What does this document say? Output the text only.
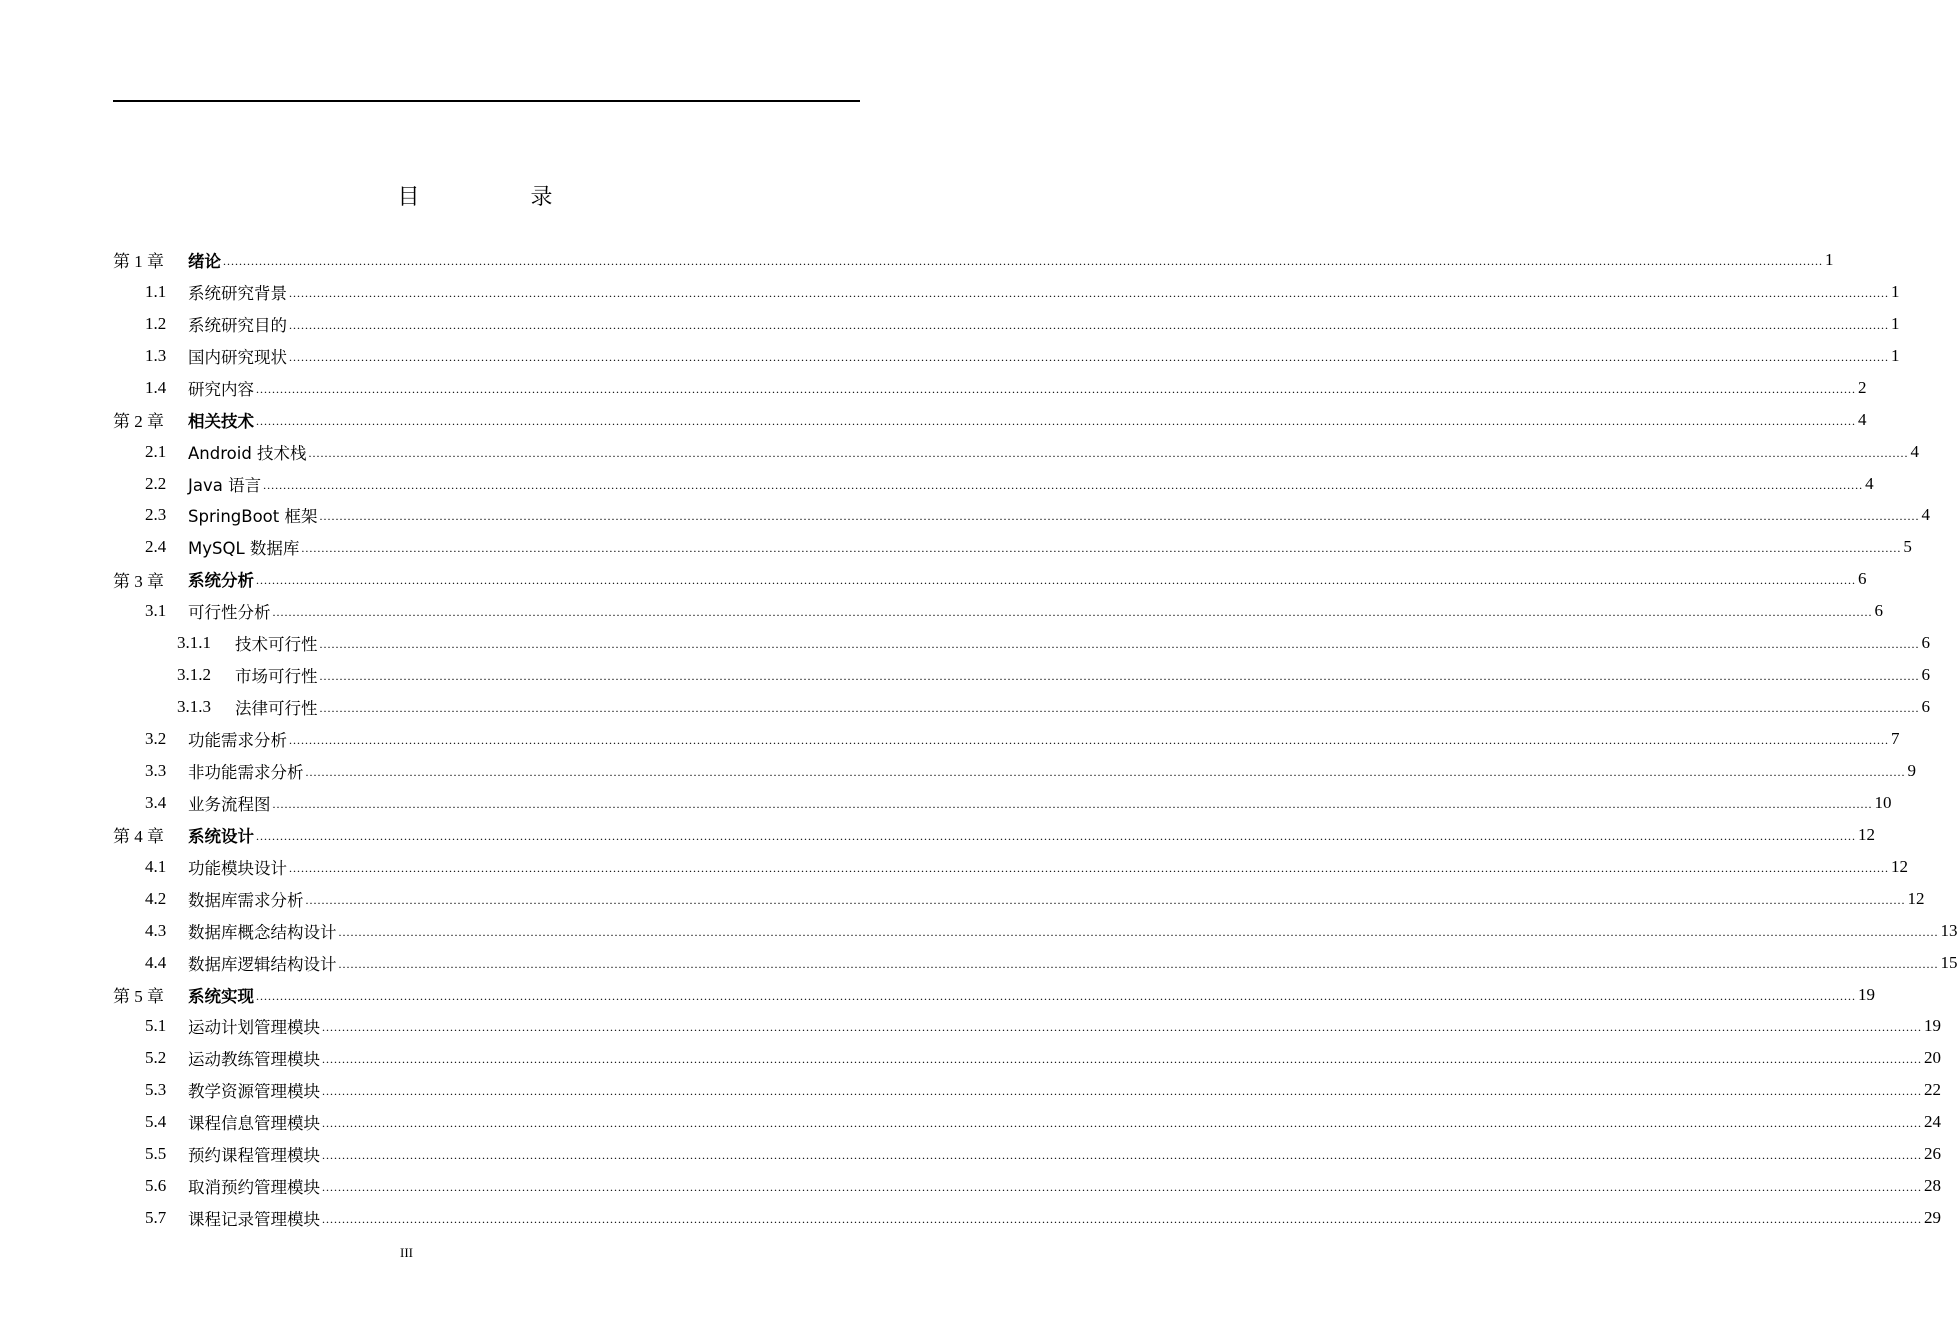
目 录
第 1 章	绪论 ................................................................................................................................................................................................................................................................................................................................................................................................................ 1
1.1	系统研究背景 ................................................................................................................................................................................................................................................................................................................................................................................................................ 1
1.2	系统研究目的 ................................................................................................................................................................................................................................................................................................................................................................................................................ 1
1.3	国内研究现状 ................................................................................................................................................................................................................................................................................................................................................................................................................ 1
1.4	研究内容 ................................................................................................................................................................................................................................................................................................................................................................................................................ 2
第 2 章	相关技术 ................................................................................................................................................................................................................................................................................................................................................................................................................ 4
2.1	Android 技术栈 ................................................................................................................................................................................................................................................................................................................................................................................................................ 4
2.2	Java 语言 ................................................................................................................................................................................................................................................................................................................................................................................................................ 4
2.3	SpringBoot 框架 ................................................................................................................................................................................................................................................................................................................................................................................................................ 4
2.4	MySQL 数据库 ................................................................................................................................................................................................................................................................................................................................................................................................................ 5
第 3 章	系统分析 ................................................................................................................................................................................................................................................................................................................................................................................................................ 6
3.1	可行性分析 ................................................................................................................................................................................................................................................................................................................................................................................................................ 6
3.1.1	技术可行性 ................................................................................................................................................................................................................................................................................................................................................................................................................ 6
3.1.2	市场可行性 ................................................................................................................................................................................................................................................................................................................................................................................................................ 6
3.1.3	法律可行性 ................................................................................................................................................................................................................................................................................................................................................................................................................ 6
3.2	功能需求分析 ................................................................................................................................................................................................................................................................................................................................................................................................................ 7
3.3	非功能需求分析 ................................................................................................................................................................................................................................................................................................................................................................................................................ 9
3.4	业务流程图 ................................................................................................................................................................................................................................................................................................................................................................................................................ 10
第 4 章	系统设计 ................................................................................................................................................................................................................................................................................................................................................................................................................ 12
4.1	功能模块设计 ................................................................................................................................................................................................................................................................................................................................................................................................................ 12
4.2	数据库需求分析 ................................................................................................................................................................................................................................................................................................................................................................................................................ 12
4.3	数据库概念结构设计 ................................................................................................................................................................................................................................................................................................................................................................................................................ 13
4.4	数据库逻辑结构设计 ................................................................................................................................................................................................................................................................................................................................................................................................................ 15
第 5 章	系统实现 ................................................................................................................................................................................................................................................................................................................................................................................................................ 19
5.1	运动计划管理模块 ................................................................................................................................................................................................................................................................................................................................................................................................................ 19
5.2	运动教练管理模块 ................................................................................................................................................................................................................................................................................................................................................................................................................ 20
5.3	教学资源管理模块 ................................................................................................................................................................................................................................................................................................................................................................................................................ 22
5.4	课程信息管理模块 ................................................................................................................................................................................................................................................................................................................................................................................................................ 24
5.5	预约课程管理模块 ................................................................................................................................................................................................................................................................................................................................................................................................................ 26
5.6	取消预约管理模块 ................................................................................................................................................................................................................................................................................................................................................................................................................ 28
5.7	课程记录管理模块 ................................................................................................................................................................................................................................................................................................................................................................................................................ 29
III
